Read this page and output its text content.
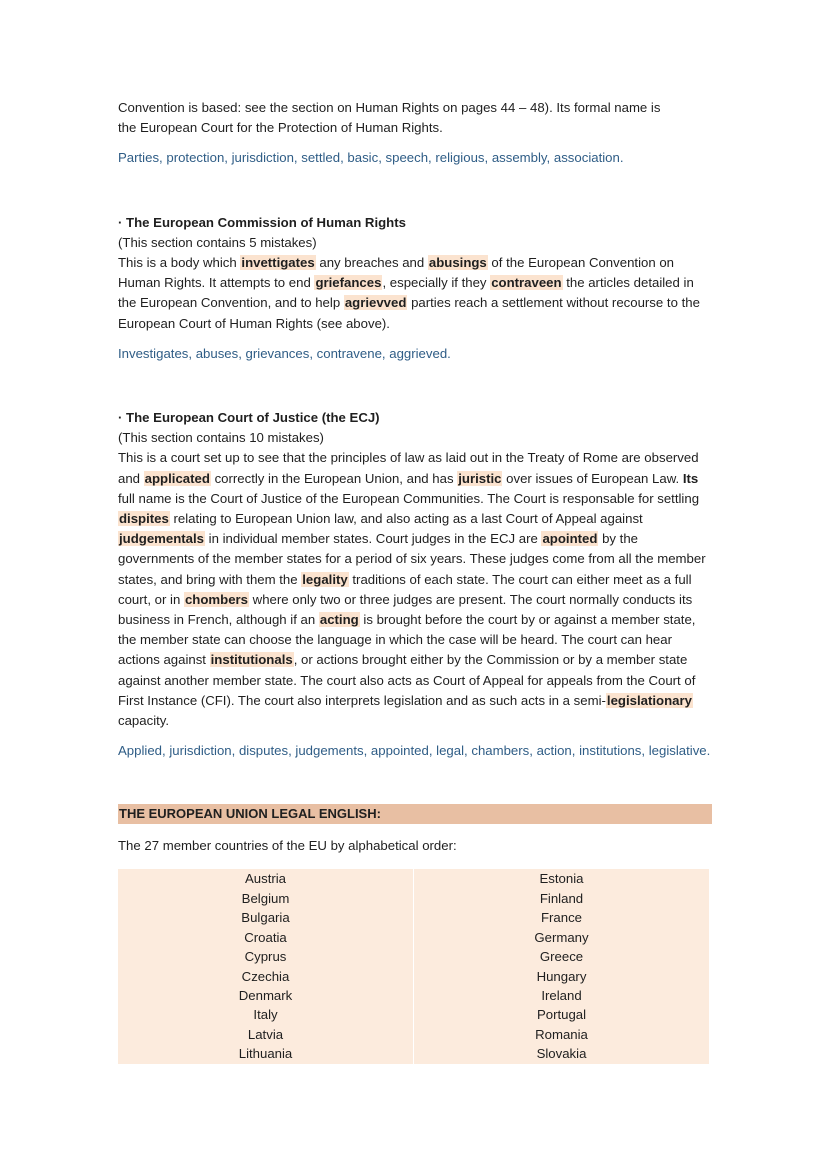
Convention is based: see the section on Human Rights on pages 44 – 48). Its formal name is
the European Court for the Protection of Human Rights.

Parties, protection, jurisdiction, settled, basic, speech, religious, assembly, association.

· The European Commission of Human Rights

(This section contains 5 mistakes)

This is a body which invettigates any breaches and abusings of the European Convention on Human Rights. It attempts to end griefances, especially if they contraveen the articles detailed in the European Convention, and to help agrievved parties reach a settlement without recourse to the European Court of Human Rights (see above).

Investigates, abuses, grievances, contravene, aggrieved.

· The European Court of Justice (the ECJ)

(This section contains 10 mistakes)

This is a court set up to see that the principles of law as laid out in the Treaty of Rome are observed and applicated correctly in the European Union, and has juristic over issues of European Law. Its full name is the Court of Justice of the European Communities. The Court is responsable for settling dispites relating to European Union law, and also acting as a last Court of Appeal against judgementals in individual member states. Court judges in the ECJ are apointed by the governments of the member states for a period of six years. These judges come from all the member states, and bring with them the legality traditions of each state. The court can either meet as a full court, or in chombers where only two or three judges are present. The court normally conducts its business in French, although if an acting is brought before the court by or against a member state, the member state can choose the language in which the case will be heard. The court can hear actions against institutionals, or actions brought either by the Commission or by a member state against another member state. The court also acts as Court of Appeal for appeals from the Court of First Instance (CFI). The court also interprets legislation and as such acts in a semi-legislationary capacity.

Applied, jurisdiction, disputes, judgements, appointed, legal, chambers, action, institutions, legislative.

THE EUROPEAN UNION LEGAL ENGLISH:

The 27 member countries of the EU by alphabetical order:

Austria	Estonia
Belgium	Finland
Bulgaria	France
Croatia	Germany
Cyprus	Greece
Czechia	Hungary
Denmark	Ireland
Italy	Portugal
Latvia	Romania
Lithuania	Slovakia
